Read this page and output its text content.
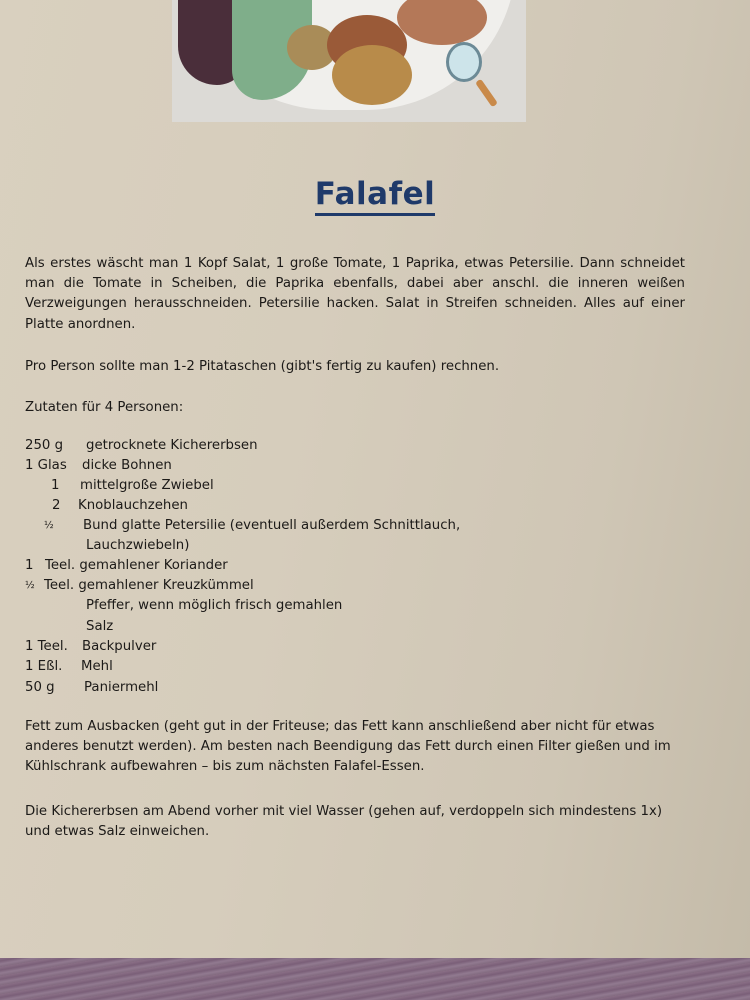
Falafel

Als erstes wäscht man 1 Kopf Salat, 1 große Tomate, 1 Paprika, etwas Petersilie. Dann schneidet man die Tomate in Scheiben, die Paprika ebenfalls, dabei aber anschl. die inneren weißen Verzweigungen herausschneiden. Petersilie hacken. Salat in Streifen schneiden. Alles auf einer Platte anordnen.

Pro Person sollte man 1-2 Pitataschen (gibt's fertig zu kaufen) rechnen.

Zutaten für 4 Personen:

250 g getrocknete Kichererbsen
1 Glas dicke Bohnen
1 mittelgroße Zwiebel
2 Knoblauchzehen
½ Bund glatte Petersilie (eventuell außerdem Schnittlauch,
Lauchzwiebeln)
1 Teel. gemahlener Koriander
½ Teel. gemahlener Kreuzkümmel
Pfeffer, wenn möglich frisch gemahlen
Salz
1 Teel. Backpulver
1 Eßl. Mehl
50 g Paniermehl

Fett zum Ausbacken (geht gut in der Friteuse; das Fett kann anschließend aber nicht für etwas anderes benutzt werden). Am besten nach Beendigung das Fett durch einen Filter gießen und im Kühlschrank aufbewahren – bis zum nächsten Falafel-Essen.

Die Kichererbsen am Abend vorher mit viel Wasser (gehen auf, verdoppeln sich mindestens 1x) und etwas Salz einweichen.
